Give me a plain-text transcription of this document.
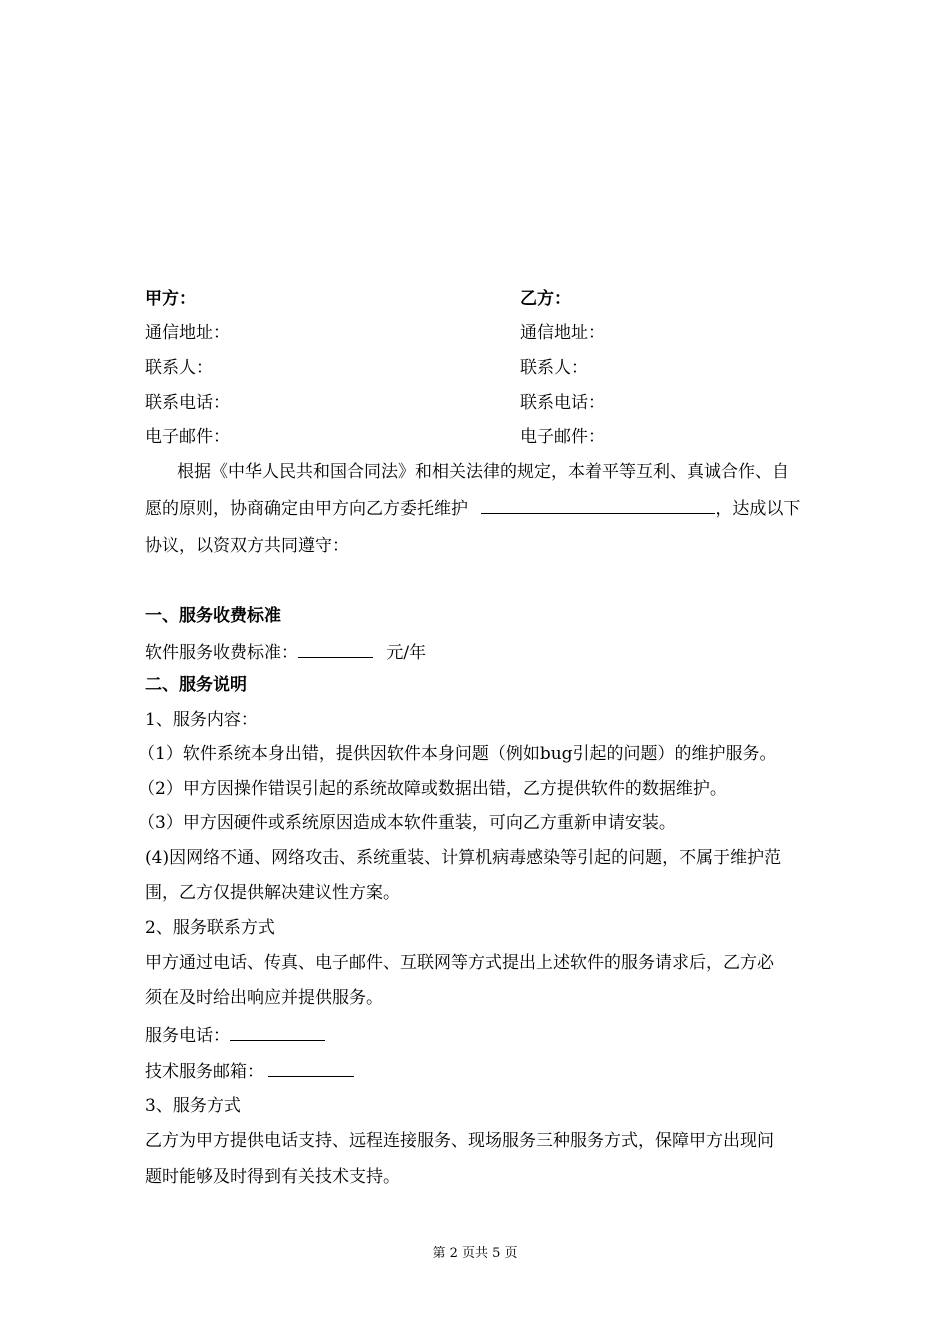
甲方：
通信地址：
联系人：
联系电话：
电子邮件：
乙方：
通信地址：
联系人：
联系电话：
电子邮件：
根据《中华人民共和国合同法》和相关法律的规定，本着平等互利、真诚合作、自
愿的原则，协商确定由甲方向乙方委托维护	，达成以下
协议，以资双方共同遵守：
一、服务收费标准
软件服务收费标准：	元/年
二、服务说明
1、服务内容：
（1）软件系统本身出错，提供因软件本身问题（例如bug引起的问题）的维护服务。
（2）甲方因操作错误引起的系统故障或数据出错，乙方提供软件的数据维护。
（3）甲方因硬件或系统原因造成本软件重装，可向乙方重新申请安装。
(4)因网络不通、网络攻击、系统重装、计算机病毒感染等引起的问题，不属于维护范
围，乙方仅提供解决建议性方案。
2、服务联系方式
甲方通过电话、传真、电子邮件、互联网等方式提出上述软件的服务请求后，乙方必
须在及时给出响应并提供服务。
服务电话：
技术服务邮箱：
3、服务方式
乙方为甲方提供电话支持、远程连接服务、现场服务三种服务方式，保障甲方出现问
题时能够及时得到有关技术支持。
第 2 页共 5 页
